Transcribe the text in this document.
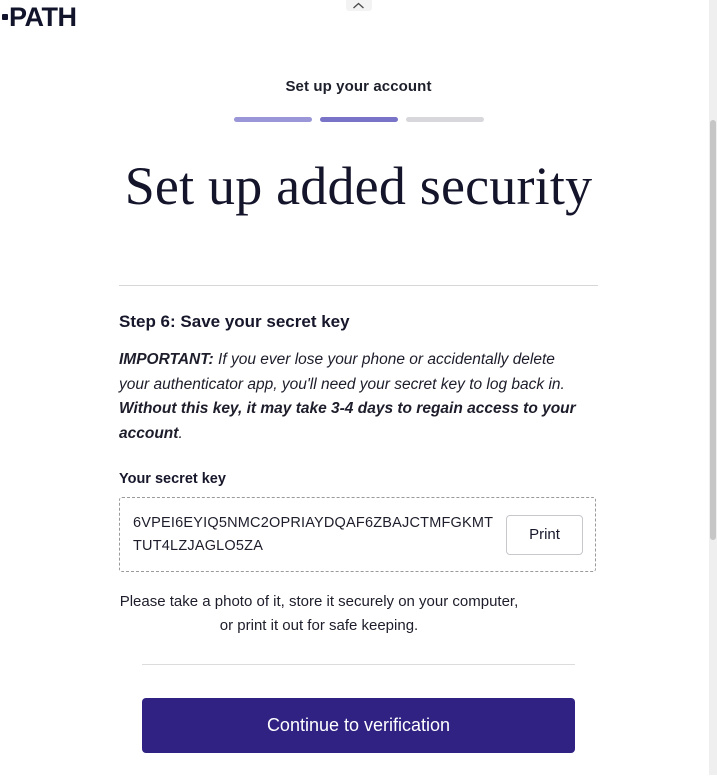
PATH
Set up your account
Set up added security
Step 6: Save your secret key

IMPORTANT: If you ever lose your phone or accidentally delete your authenticator app, you'll need your secret key to log back in. Without this key, it may take 3-4 days to regain access to your account.

Your secret key
6VPEI6EYIQ5NMC2OPRIAYDQAF6ZBAJCTMFGKMTTUT4LZJAGLO5ZA
Print
Please take a photo of it, store it securely on your computer, or print it out for safe keeping.
Continue to verification
